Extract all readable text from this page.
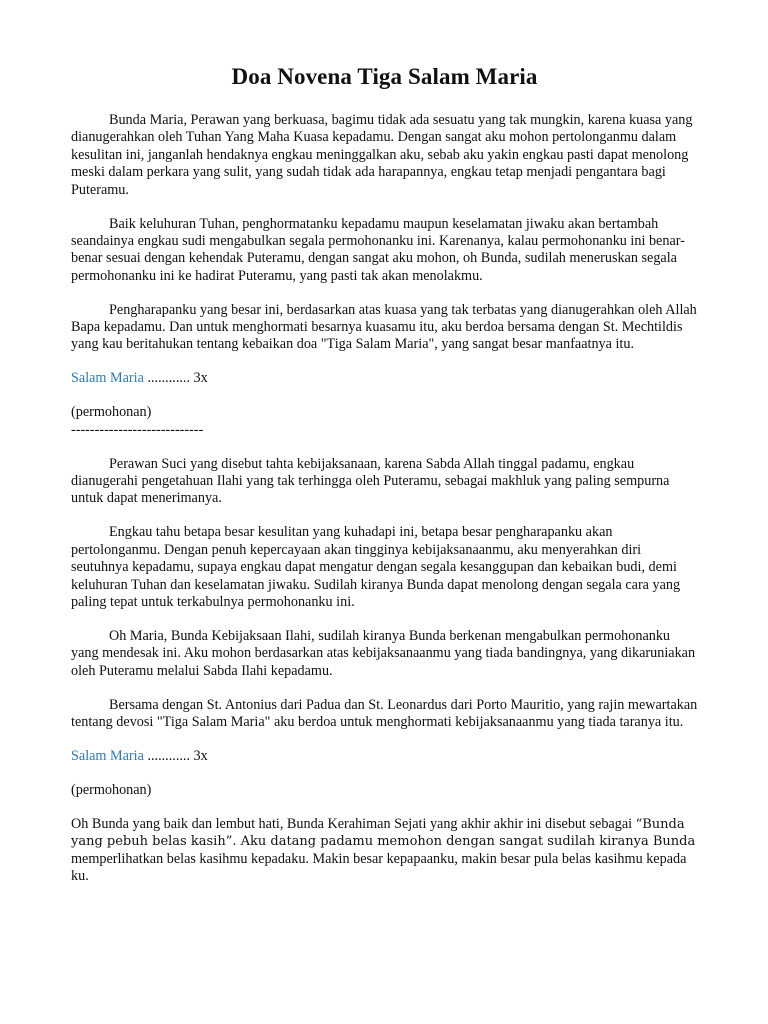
Doa Novena Tiga Salam Maria

Bunda Maria, Perawan yang berkuasa, bagimu tidak ada sesuatu yang tak mungkin, karena kuasa yang dianugerahkan oleh Tuhan Yang Maha Kuasa kepadamu. Dengan sangat aku mohon pertolonganmu dalam kesulitan ini, janganlah hendaknya engkau meninggalkan aku, sebab aku yakin engkau pasti dapat menolong meski dalam perkara yang sulit, yang sudah tidak ada harapannya, engkau tetap menjadi pengantara bagi Puteramu.

Baik keluhuran Tuhan, penghormatanku kepadamu maupun keselamatan jiwaku akan bertambah seandainya engkau sudi mengabulkan segala permohonanku ini. Karenanya, kalau permohonanku ini benar-benar sesuai dengan kehendak Puteramu, dengan sangat aku mohon, oh Bunda, sudilah meneruskan segala permohonanku ini ke hadirat Puteramu, yang pasti tak akan menolakmu.

Pengharapanku yang besar ini, berdasarkan atas kuasa yang tak terbatas yang dianugerahkan oleh Allah Bapa kepadamu. Dan untuk menghormati besarnya kuasamu itu, aku berdoa bersama dengan St. Mechtildis yang kau beritahukan tentang kebaikan doa "Tiga Salam Maria", yang sangat besar manfaatnya itu.

Salam Maria ............ 3x

(permohonan)

----------------------------

Perawan Suci yang disebut tahta kebijaksanaan, karena Sabda Allah tinggal padamu, engkau dianugerahi pengetahuan Ilahi yang tak terhingga oleh Puteramu, sebagai makhluk yang paling sempurna untuk dapat menerimanya.

Engkau tahu betapa besar kesulitan yang kuhadapi ini, betapa besar pengharapanku akan pertolonganmu. Dengan penuh kepercayaan akan tingginya kebijaksanaanmu, aku menyerahkan diri seutuhnya kepadamu, supaya engkau dapat mengatur dengan segala kesanggupan dan kebaikan budi, demi keluhuran Tuhan dan keselamatan jiwaku. Sudilah kiranya Bunda dapat menolong dengan segala cara yang paling tepat untuk terkabulnya permohonanku ini.

Oh Maria, Bunda Kebijaksaan Ilahi, sudilah kiranya Bunda berkenan mengabulkan permohonanku yang mendesak ini. Aku mohon berdasarkan atas kebijaksanaanmu yang tiada bandingnya, yang dikaruniakan oleh Puteramu melalui Sabda Ilahi kepadamu.

Bersama dengan St. Antonius dari Padua dan St. Leonardus dari Porto Mauritio, yang rajin mewartakan tentang devosi "Tiga Salam Maria" aku berdoa untuk menghormati kebijaksanaanmu yang tiada taranya itu.

Salam Maria ............ 3x

(permohonan)

Oh Bunda yang baik dan lembut hati, Bunda Kerahiman Sejati yang akhir akhir ini disebut sebagai “Bunda yang pebuh belas kasih”. Aku datang padamu memohon dengan sangat sudilah kiranya Bunda memperlihatkan belas kasihmu kepadaku. Makin besar kepapaanku, makin besar pula belas kasihmu kepada ku.
